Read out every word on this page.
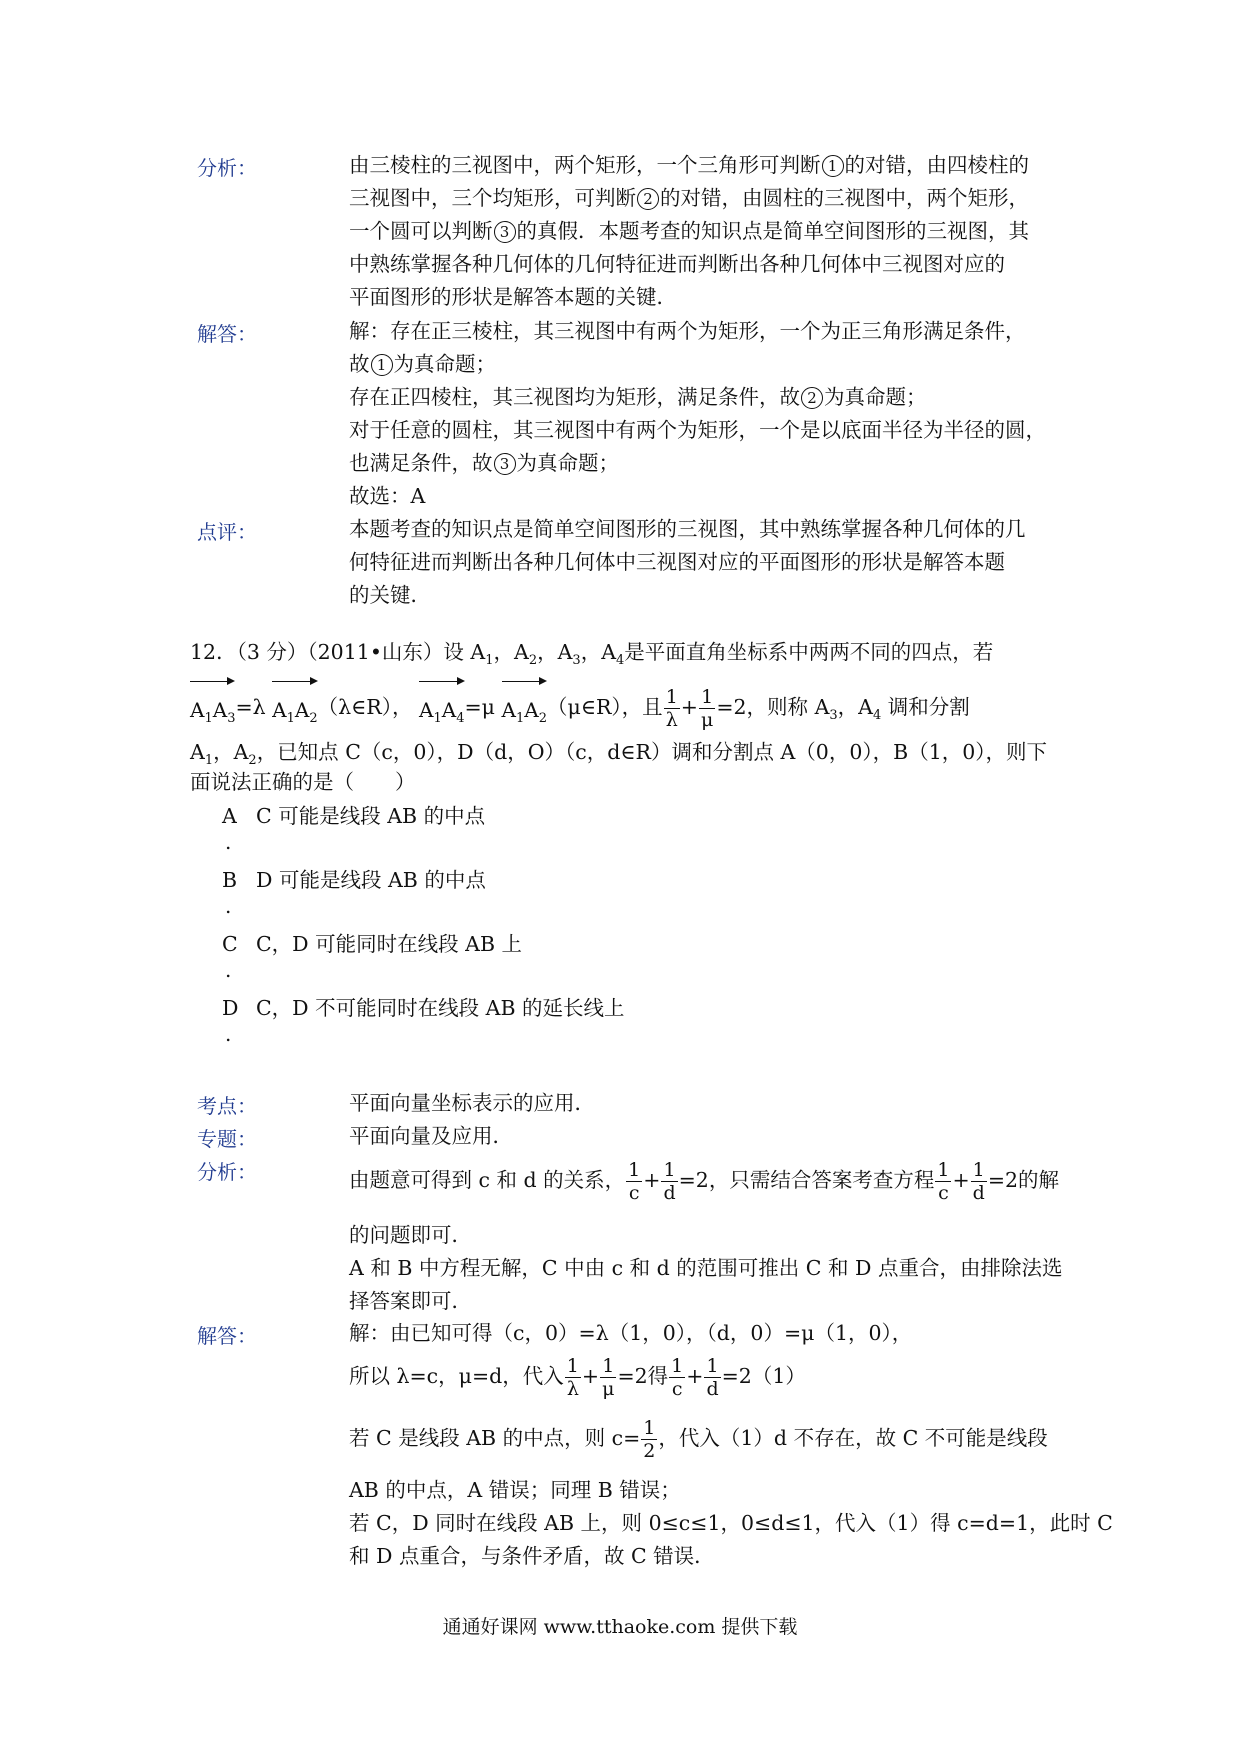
分析：	由三棱柱的三视图中，两个矩形，一个三角形可判断 1 的对错，由四棱柱的

三视图中，三个均矩形，可判断 2 的对错，由圆柱的三视图中，两个矩形，

一个圆可以判断 3 的真假．本题考查的知识点是简单空间图形的三视图，其

中熟练掌握各种几何体的几何特征进而判断出各种几何体中三视图对应的

平面图形的形状是解答本题的关键．

解答：	解：存在正三棱柱，其三视图中有两个为矩形，一个为正三角形满足条件，

故 1 为真命题；

存在正四棱柱，其三视图均为矩形，满足条件，故 2 为真命题；

对于任意的圆柱，其三视图中有两个为矩形，一个是以底面半径为半径的圆，

也满足条件，故 3 为真命题；

故选：A

点评：	本题考查的知识点是简单空间图形的三视图，其中熟练掌握各种几何体的几

何特征进而判断出各种几何体中三视图对应的平面图形的形状是解答本题

的关键．

12．（3 分）（2011•山东）设 $A_1$，$A_2$，$A_3$，$A_4$是平面直角坐标系中两两不同的四点，若
$A_1A_3=\lambda$ $A_1A_2(\lambda\in R)$， $A_1A_4=\mu$ $A_1A_2(\mu\in R)$，且 $\frac{1}{\lambda} + \frac{1}{\mu} =2$，则称 $A_3$，$A_4$ 调和分割
$A_1$，$A_2$，已知点 C（c，0），D（d，O）（c，d∈R）调和分割点 A（0，0），B（1，0），则下
面说法正确的是（　　）
A C 可能是线段 AB 的中点
.
B D 可能是线段 AB 的中点
.
C C，D 可能同时在线段 AB 上
.
D C，D 不可能同时在线段 AB 的延长线上
.
考点：	平面向量坐标表示的应用．
专题：	平面向量及应用．
分析：	由题意可得到 c 和 d 的关系， $\frac{1}{c} + \frac{1}{d} =2$，只需结合答案考查方程 $\frac{1}{c} + \frac{1}{d} =2$的解

的问题即可．

A 和 B 中方程无解，C 中由 c 和 d 的范围可推出 C 和 D 点重合，由排除法选

择答案即可．

解答：	解：由已知可得（c，0）=λ（1，0），（d，0）=μ（1，0），

所以 λ=c，μ=d，代入 $\frac{1}{\lambda} + \frac{1}{\mu} =2$得 $\frac{1}{c} + \frac{1}{d} =2(1)$

若 C 是线段 AB 的中点，则 $c= \frac{1}{2}$ ，代入（1）d 不存在，故 C 不可能是线段

AB 的中点，A 错误；同理 B 错误；

若 C，D 同时在线段 AB 上，则 0≤c≤1，0≤d≤1，代入（1）得 c=d=1，此时 C

和 D 点重合，与条件矛盾，故 C 错误．

通通好课网 www.tthaoke.com 提供下载
